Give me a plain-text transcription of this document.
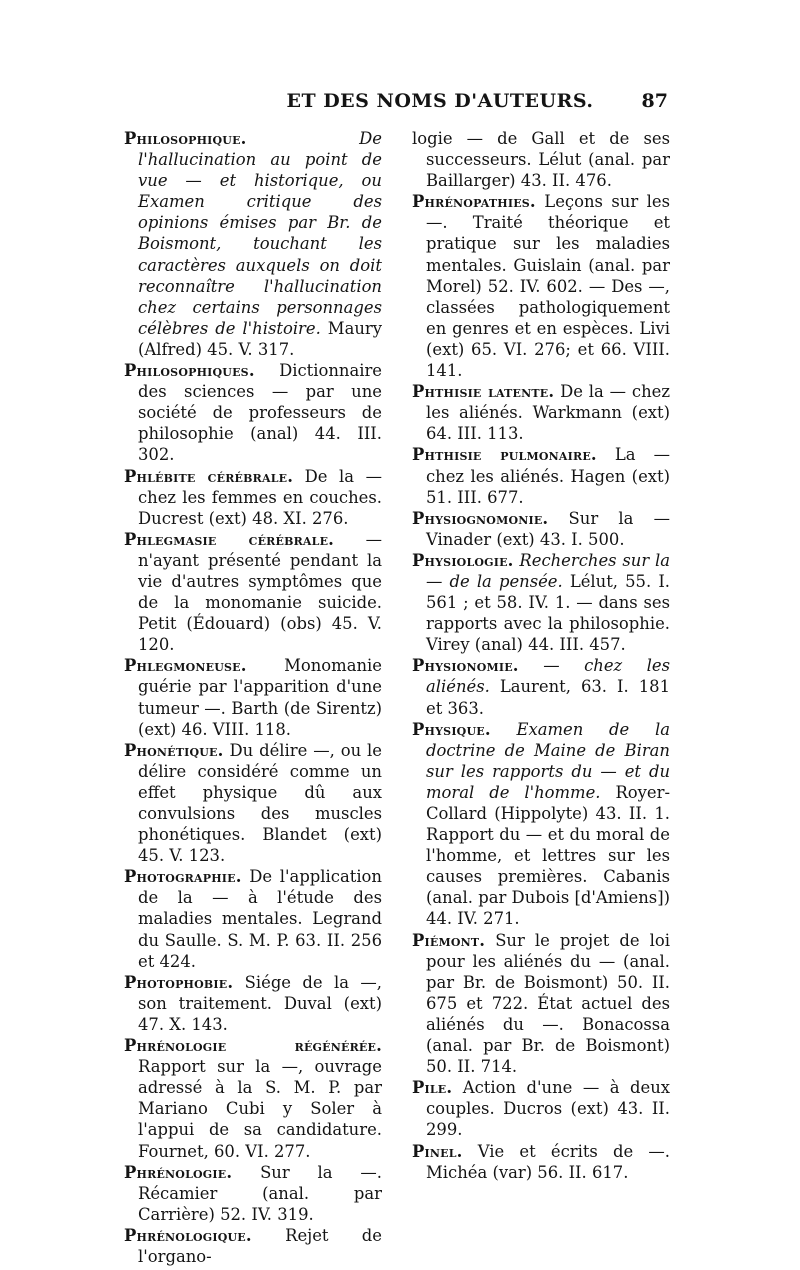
ET DES NOMS D'AUTEURS.	87

Philosophique.	De l'hallucination au point de vue — et historique, ou Examen critique des opinions émises par Br. de Boismont, touchant les caractères auxquels on doit reconnaître l'hallucination chez certains personnages célèbres de l'histoire. Maury (Alfred) 45. V. 317.

Philosophiques. Dictionnaire des sciences — par une société de professeurs de philosophie (anal) 44. III. 302.

Phlébite cérébrale. De la — chez les femmes en couches. Ducrest (ext) 48. XI. 276.

Phlegmasie cérébrale. — n'ayant présenté pendant la vie d'autres symptômes que de la monomanie suicide. Petit (Édouard) (obs) 45. V. 120.

Phlegmoneuse. Monomanie guérie par l'apparition d'une tumeur —. Barth (de Sirentz) (ext) 46. VIII. 118.

Phonétique. Du délire —, ou le délire considéré comme un effet physique dû aux convulsions des muscles phonétiques. Blandet (ext) 45. V. 123.

Photographie. De l'application de la — à l'étude des maladies mentales. Legrand du Saulle. S. M. P. 63. II. 256 et 424.

Photophobie. Siége de la —, son traitement. Duval (ext) 47. X. 143.

Phrénologie régénérée. Rapport sur la —, ouvrage adressé à la S. M. P. par Mariano Cubi y Soler à l'appui de sa candidature. Fournet, 60. VI. 277.

Phrénologie. Sur la —. Récamier (anal. par Carrière) 52. IV. 319.

Phrénologique. Rejet de l'organo-

logie — de Gall et de ses successeurs. Lélut (anal. par Baillarger) 43. II. 476.

Phrénopathies. Leçons sur les —. Traité théorique et pratique sur les maladies mentales. Guislain (anal. par Morel) 52. IV. 602. — Des —, classées pathologiquement en genres et en espèces. Livi (ext) 65. VI. 276; et 66. VIII. 141.

Phthisie latente. De la — chez les aliénés. Warkmann (ext) 64. III. 113.

Phthisie pulmonaire. La — chez les aliénés. Hagen (ext) 51. III. 677.

Physiognomonie. Sur la — Vinader (ext) 43. I. 500.

Physiologie. Recherches sur la — de la pensée. Lélut, 55. I. 561 ; et 58. IV. 1. — dans ses rapports avec la philosophie. Virey (anal) 44. III. 457.

Physionomie. — chez les aliénés. Laurent, 63. I. 181 et 363.

Physique. Examen de la doctrine de Maine de Biran sur les rapports du — et du moral de l'homme. Royer-Collard (Hippolyte) 43. II. 1. Rapport du — et du moral de l'homme, et lettres sur les causes premières. Cabanis (anal. par Dubois [d'Amiens]) 44. IV. 271.

Piémont. Sur le projet de loi pour les aliénés du — (anal. par Br. de Boismont) 50. II. 675 et 722. État actuel des aliénés du —. Bonacossa (anal. par Br. de Boismont) 50. II. 714.

Pile. Action d'une — à deux couples. Ducros (ext) 43. II. 299.

Pinel. Vie et écrits de —. Michéa (var) 56. II. 617.
